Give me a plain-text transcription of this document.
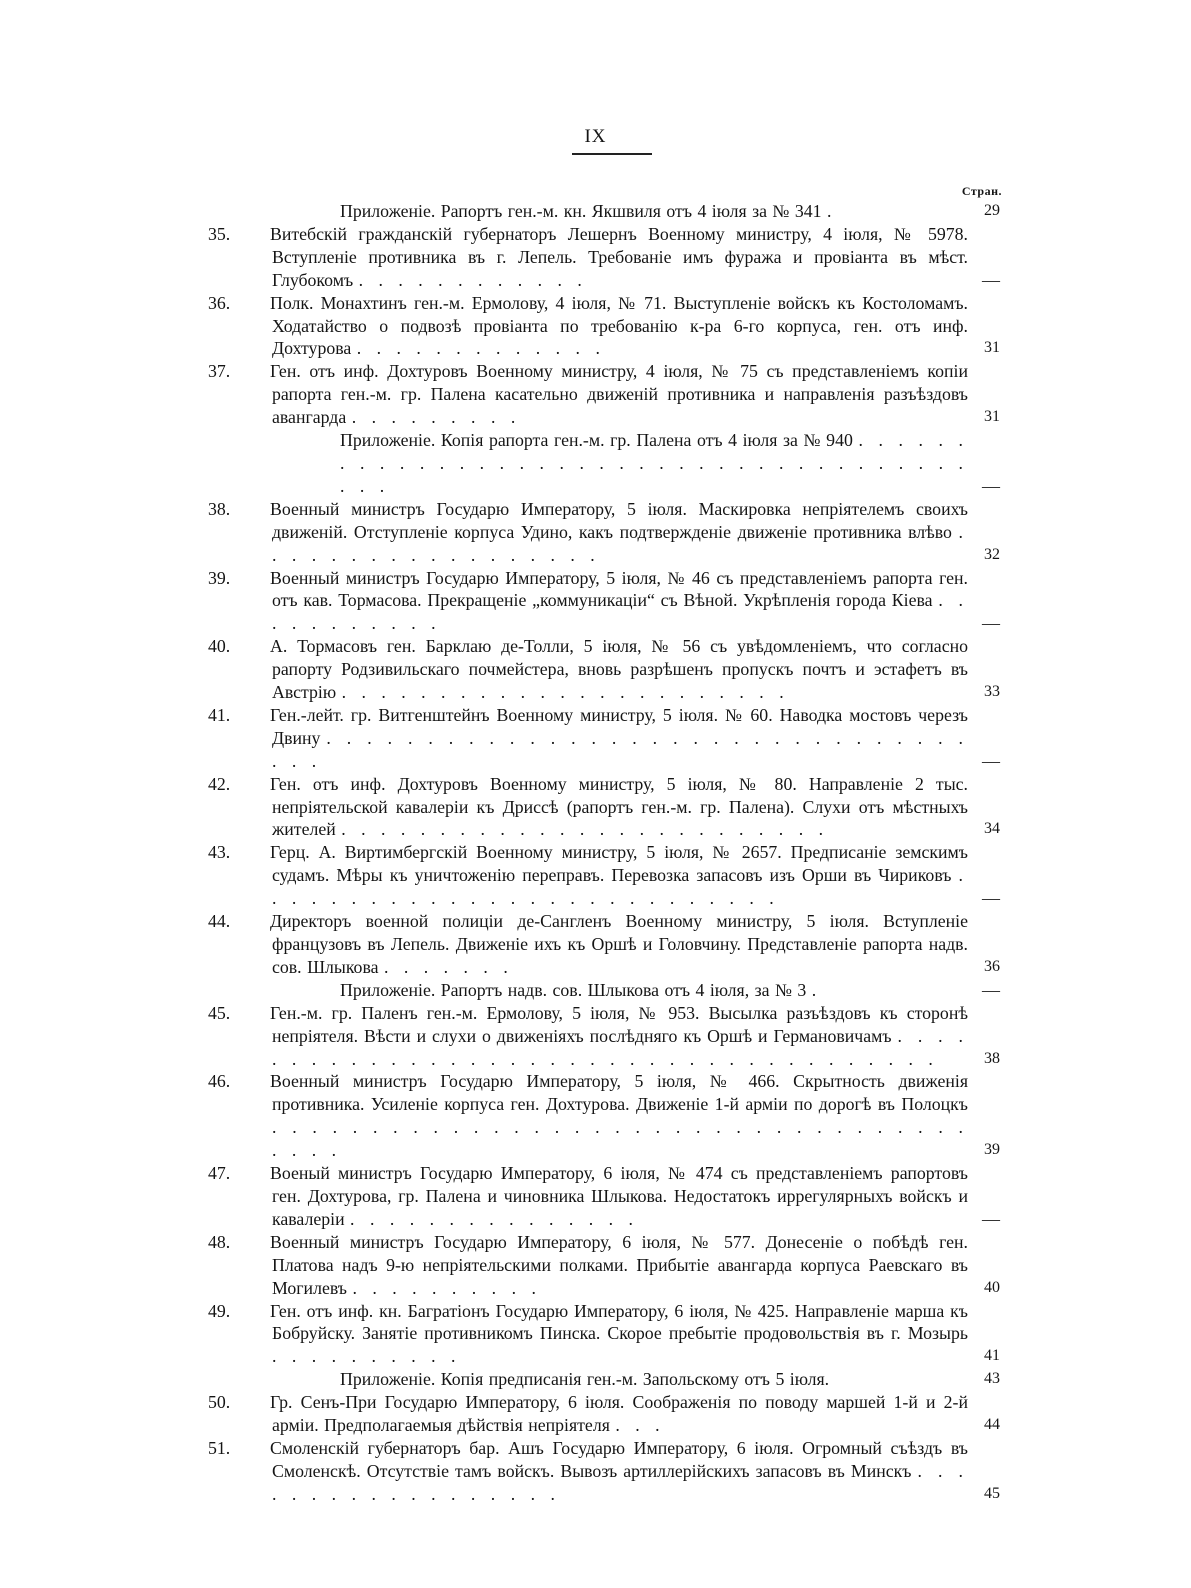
IX
Стран.
Приложеніе. Рапортъ ген.-м. кн. Якшвиля отъ 4 іюля за № 341 .	29
35. Витебскій гражданскій губернаторъ Лешернъ Военному министру, 4 іюля, № 5978. Вступленіе противника въ г. Лепель. Требованіе имъ фуража и провіанта въ мѣст. Глубокомъ . . . . . . . . . . . .	—
36. Полк. Монахтинъ ген.-м. Ермолову, 4 іюля, № 71. Выступленіе войскъ къ Костоломамъ. Ходатайство о подвозѣ провіанта по требованію к-ра 6-го корпуса, ген. отъ инф. Дохтурова . . . . . . . . . . . . .	31
37. Ген. отъ инф. Дохтуровъ Военному министру, 4 іюля, № 75 съ представленіемъ копіи рапорта ген.-м. гр. Палена касательно движеній противника и направленія разъѣздовъ авангарда . . . . . . . . .	31
Приложеніе. Копія рапорта ген.-м. гр. Палена отъ 4 іюля за № 940 . . . . . . . . . . . . . . . . . . . . . . . . . . . . . . . . . . . . . . . . .	—
38. Военный министръ Государю Императору, 5 іюля. Маскировка непріятелемъ своихъ движеній. Отступленіе корпуса Удино, какъ подтвержденіе движеніе противника влѣво . . . . . . . . . . . . . . . . . .	32
39. Военный министръ Государю Императору, 5 іюля, № 46 съ представленіемъ рапорта ген. отъ кав. Тормасова. Прекращеніе „коммуникаціи“ съ Вѣной. Укрѣпленія города Кіева . . . . . . . . . . .	—
40. А. Тормасовъ ген. Барклаю де-Толли, 5 іюля, № 56 съ увѣдомленіемъ, что согласно рапорту Родзивильскаго почмейстера, вновь разрѣшенъ пропускъ почтъ и эстафетъ въ Австрію . . . . . . . . . . . . . . . . . . . . . . .	33
41. Ген.-лейт. гр. Витгенштейнъ Военному министру, 5 іюля. № 60. Наводка мостовъ черезъ Двину . . . . . . . . . . . . . . . . . . . . . . . . . . . . . . . . . . .	—
42. Ген. отъ инф. Дохтуровъ Военному министру, 5 іюля, № 80. Направленіе 2 тыс. непріятельской кавалеріи къ Дриссѣ (рапортъ ген.-м. гр. Палена). Слухи отъ мѣстныхъ жителей . . . . . . . . . . . . . . . . . . . . . . . . .	34
43. Герц. А. Виртимбергскій Военному министру, 5 іюля, № 2657. Предписаніе земскимъ судамъ. Мѣры къ уничтоженію переправъ. Перевозка запасовъ изъ Орши въ Чириковъ . . . . . . . . . . . . . . . . . . . . . . . . . . .	—
44. Директоръ военной полиціи де-Сангленъ Военному министру, 5 іюля. Вступленіе французовъ въ Лепель. Движеніе ихъ къ Оршѣ и Головчину. Представленіе рапорта надв. сов. Шлыкова . . . . . . .	36
Приложеніе. Рапортъ надв. сов. Шлыкова отъ 4 іюля, за № 3 .	—
45. Ген.-м. гр. Паленъ ген.-м. Ермолову, 5 іюля, № 953. Высылка разъѣздовъ къ сторонѣ непріятеля. Вѣсти и слухи о движеніяхъ послѣдняго къ Оршѣ и Германовичамъ . . . . . . . . . . . . . . . . . . . . . . . . . . . . . . . . . . . . . .	38
46. Военный министръ Государю Императору, 5 іюля, № 466. Скрытность движенія противника. Усиленіе корпуса ген. Дохтурова. Движеніе 1-й арміи по дорогѣ въ Полоцкъ . . . . . . . . . . . . . . . . . . . . . . . . . . . . . . . . . . . . . . .	39
47. Военый министръ Государю Императору, 6 іюля, № 474 съ представленіемъ рапортовъ ген. Дохтурова, гр. Палена и чиновника Шлыкова. Недостатокъ иррегулярныхъ войскъ и кавалеріи . . . . . . . . . . . . . . .	—
48. Военный министръ Государю Императору, 6 іюля, № 577. Донесеніе о побѣдѣ ген. Платова надъ 9-ю непріятельскими полками. Прибытіе авангарда корпуса Раевскаго въ Могилевъ . . . . . . . . . .	40
49. Ген. отъ инф. кн. Багратіонъ Государю Императору, 6 іюля, № 425. Направленіе марша къ Бобруйску. Занятіе противникомъ Пинска. Скорое пребытіе продовольствія въ г. Мозырь . . . . . . . . . .	41
Приложеніе. Копія предписанія ген.-м. Запольскому отъ 5 іюля.	43
50. Гр. Сенъ-При Государю Императору, 6 іюля. Соображенія по поводу маршей 1-й и 2-й арміи. Предполагаемыя дѣйствія непріятеля . . .	44
51. Смоленскій губернаторъ бар. Ашъ Государю Императору, 6 іюля. Огромный съѣздъ въ Смоленскѣ. Отсутствіе тамъ войскъ. Вывозъ артиллерійскихъ запасовъ въ Минскъ . . . . . . . . . . . . . . . . . .	45
